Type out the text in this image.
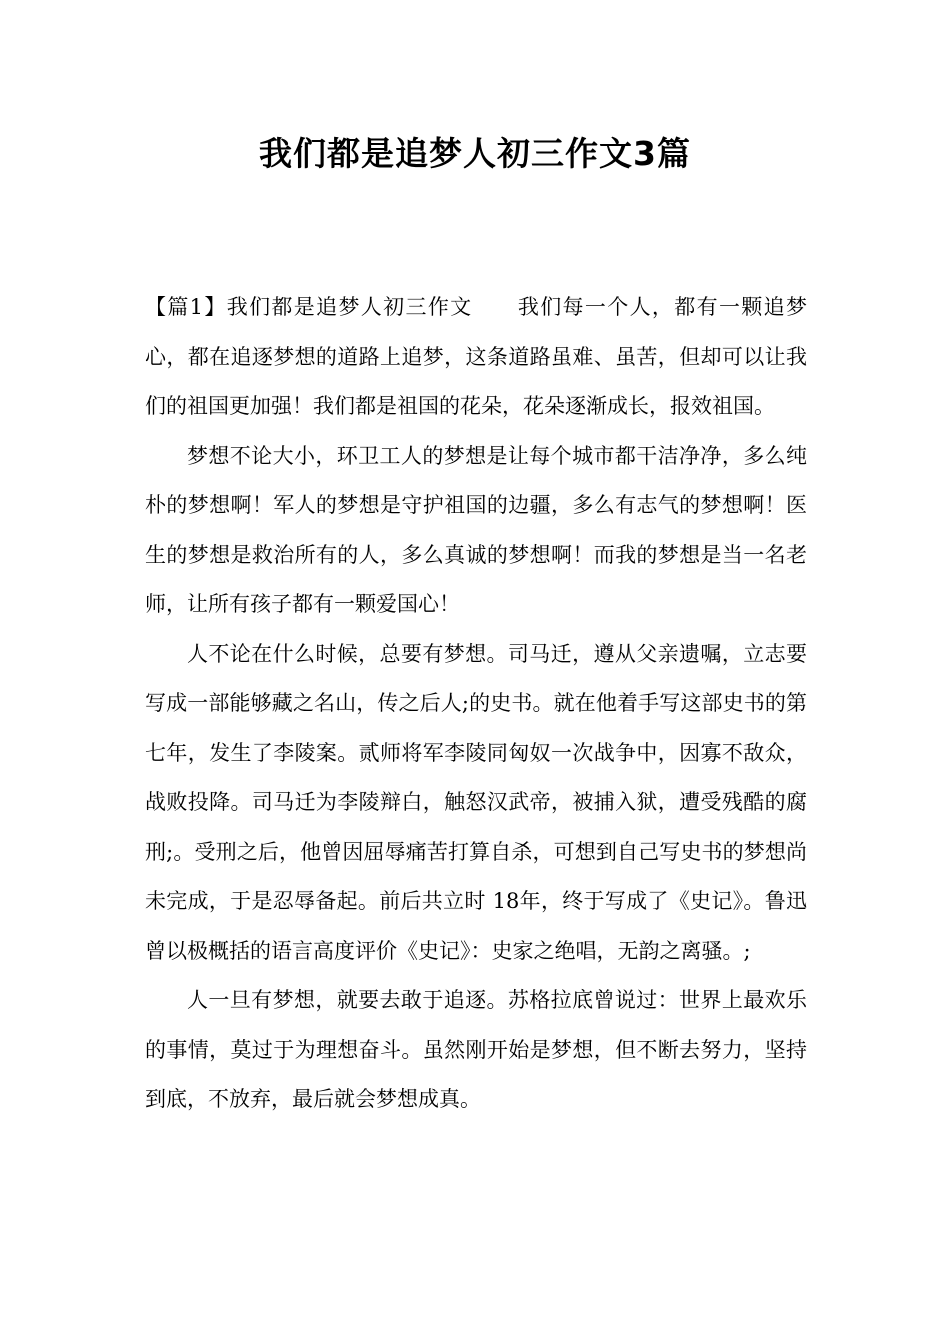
我们都是追梦人初三作文3篇

【篇1】我们都是追梦人初三作文 我们每一个人，都有一颗追梦心，都在追逐梦想的道路上追梦，这条道路虽难、虽苦，但却可以让我们的祖国更加强！我们都是祖国的花朵，花朵逐渐成长，报效祖国。

梦想不论大小，环卫工人的梦想是让每个城市都干洁净净，多么纯朴的梦想啊！军人的梦想是守护祖国的边疆，多么有志气的梦想啊！医生的梦想是救治所有的人，多么真诚的梦想啊！而我的梦想是当一名老师，让所有孩子都有一颗爱国心！

人不论在什么时候，总要有梦想。司马迁，遵从父亲遗嘱，立志要写成一部能够藏之名山，传之后人;的史书。就在他着手写这部史书的第七年，发生了李陵案。贰师将军李陵同匈奴一次战争中，因寡不敌众，战败投降。司马迁为李陵辩白，触怒汉武帝，被捕入狱，遭受残酷的腐刑;。受刑之后，他曾因屈辱痛苦打算自杀，可想到自己写史书的梦想尚未完成，于是忍辱备起。前后共立时 18年，终于写成了《史记》。鲁迅曾以极概括的语言高度评价《史记》：史家之绝唱，无韵之离骚。;

人一旦有梦想，就要去敢于追逐。苏格拉底曾说过：世界上最欢乐的事情，莫过于为理想奋斗。虽然刚开始是梦想，但不断去努力，坚持到底，不放弃，最后就会梦想成真。
